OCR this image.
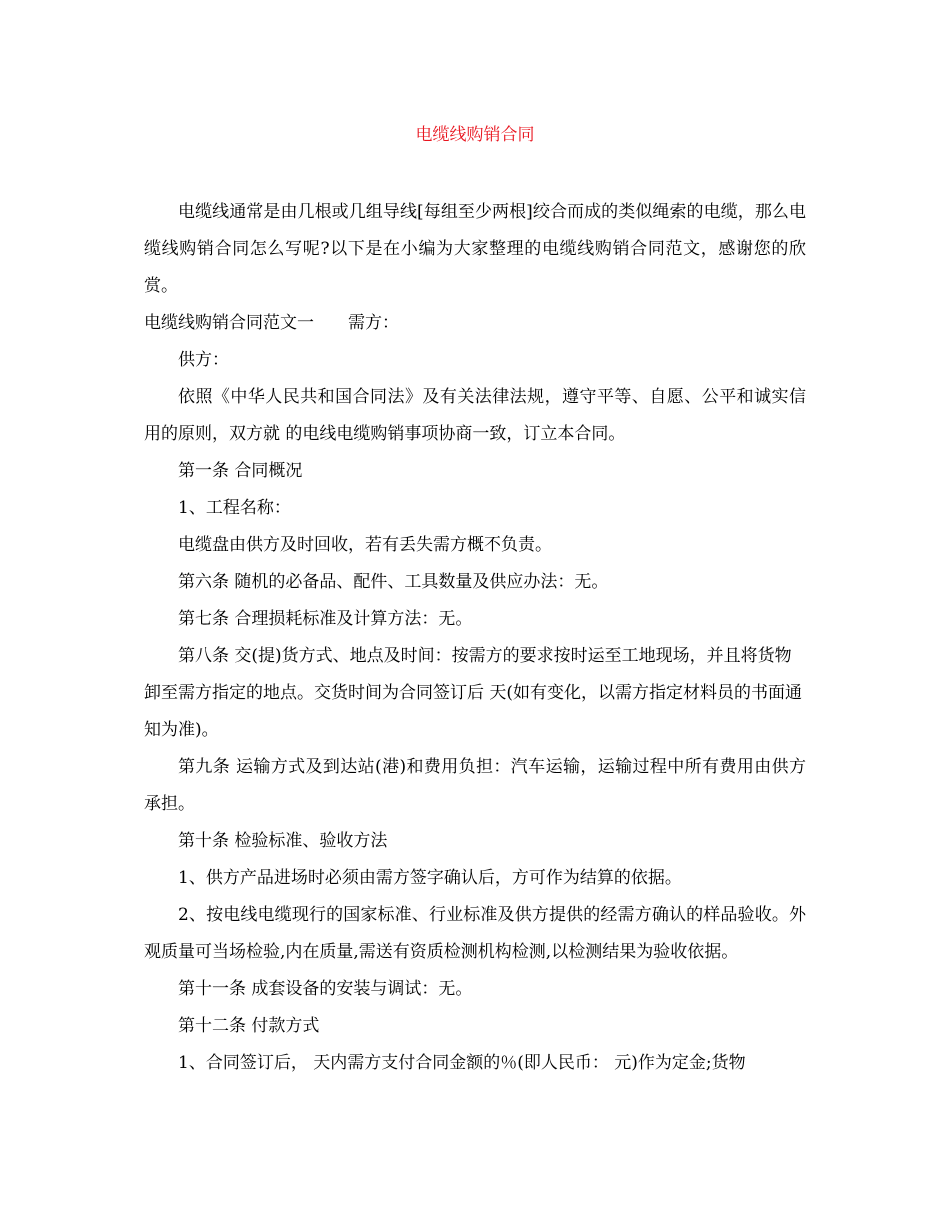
电缆线购销合同

电缆线通常是由几根或几组导线[每组至少两根]绞合而成的类似绳索的电缆，那么电缆线购销合同怎么写呢?以下是在小编为大家整理的电缆线购销合同范文，感谢您的欣赏。

电缆线购销合同范文一　　需方：

供方：

依照《中华人民共和国合同法》及有关法律法规，遵守平等、自愿、公平和诚实信用的原则，双方就 的电线电缆购销事项协商一致，订立本合同。

第一条 合同概况

1、工程名称：

电缆盘由供方及时回收，若有丢失需方概不负责。

第六条 随机的必备品、配件、工具数量及供应办法：无。

第七条 合理损耗标准及计算方法：无。

第八条 交(提)货方式、地点及时间：按需方的要求按时运至工地现场，并且将货物卸至需方指定的地点。交货时间为合同签订后 天(如有变化，以需方指定材料员的书面通知为准)。

第九条 运输方式及到达站(港)和费用负担：汽车运输，运输过程中所有费用由供方承担。

第十条 检验标准、验收方法

1、供方产品进场时必须由需方签字确认后，方可作为结算的依据。

2、按电线电缆现行的国家标准、行业标准及供方提供的经需方确认的样品验收。外观质量可当场检验,内在质量,需送有资质检测机构检测,以检测结果为验收依据。

第十一条 成套设备的安装与调试：无。

第十二条 付款方式

1、合同签订后， 天内需方支付合同金额的％(即人民币： 元)作为定金;货物
